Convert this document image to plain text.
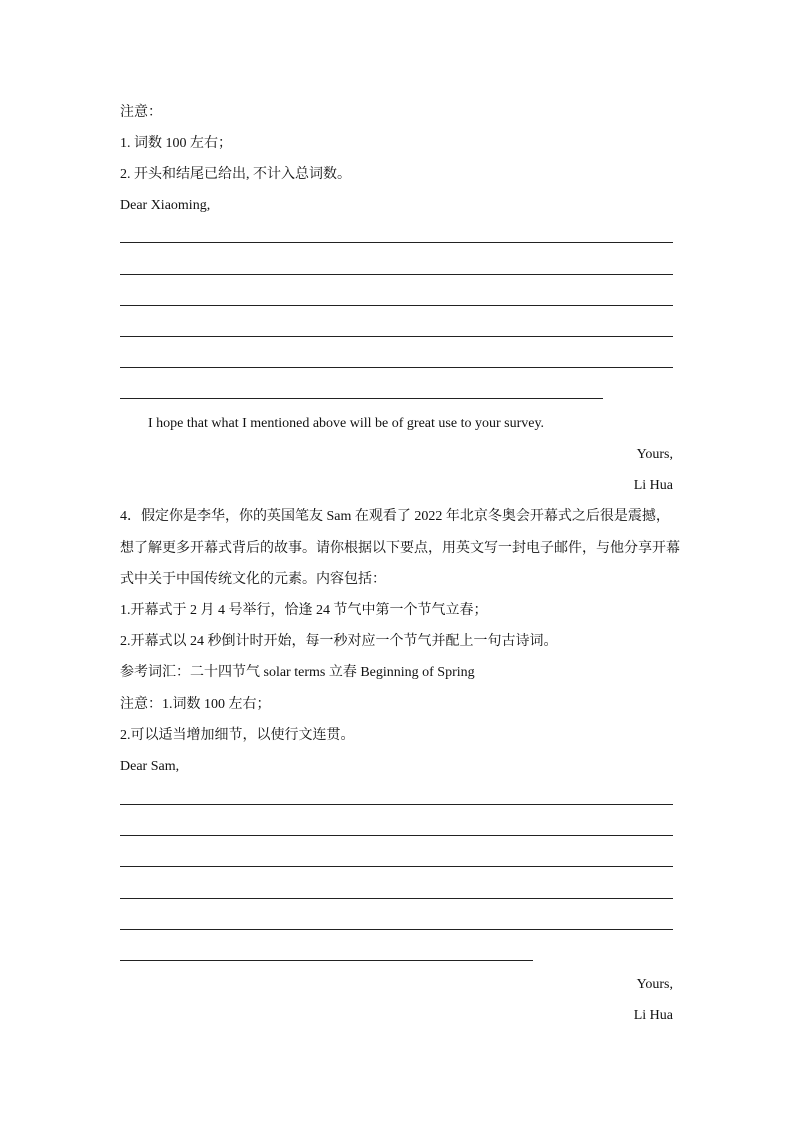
注意：
1. 词数 100 左右；
2. 开头和结尾已给出, 不计入总词数。
Dear Xiaoming,
I hope that what I mentioned above will be of great use to your survey.
Yours,
Li Hua
4．假定你是李华，你的英国笔友 Sam 在观看了 2022 年北京冬奥会开幕式之后很是震撼，
想了解更多开幕式背后的故事。请你根据以下要点，用英文写一封电子邮件，与他分享开幕
式中关于中国传统文化的元素。内容包括：
1.开幕式于 2 月 4 号举行，恰逢 24 节气中第一个节气立春；
2.开幕式以 24 秒倒计时开始，每一秒对应一个节气并配上一句古诗词。
参考词汇：二十四节气 solar terms 立春 Beginning of Spring
注意：1.词数 100 左右；
2.可以适当增加细节，以使行文连贯。
Dear Sam,
Yours,
Li Hua
